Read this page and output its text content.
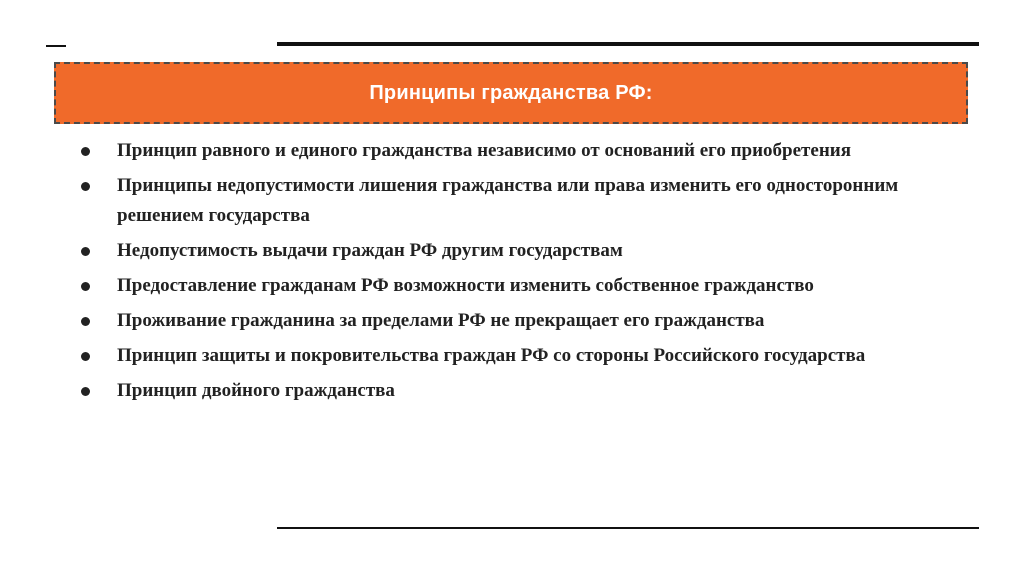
Принципы гражданства РФ:
Принцип равного и единого гражданства независимо от оснований его приобретения
Принципы недопустимости лишения гражданства или права изменить его односторонним решением государства
Недопустимость выдачи граждан РФ другим государствам
Предоставление гражданам РФ возможности изменить собственное гражданство
Проживание гражданина за пределами РФ не прекращает его гражданства
Принцип защиты и покровительства граждан РФ со стороны Российского государства
Принцип двойного гражданства
